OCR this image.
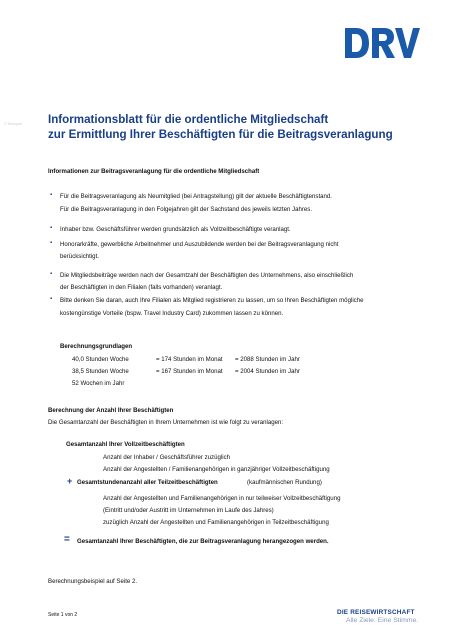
© Beispiel Informationsblatt für die ordentliche Mitgliedschaft
zur Ermittlung Ihrer Beschäftigten für die Beitragsveranlagung
Informationen zur Beitragsveranlagung für die ordentliche Mitgliedschaft
▪ Für die Beitragsveranlagung als Neumitglied (bei Antragstellung) gilt der aktuelle Beschäftigtenstand.
Für die Beitragsveranlagung in den Folgejahren gilt der Sachstand des jeweils letzten Jahres.
▪ Inhaber bzw. Geschäftsführer werden grundsätzlich als Vollzeitbeschäftigte veranlagt.
▪ Honorarkräfte, gewerbliche Arbeitnehmer und Auszubildende werden bei der Beitragsveranlagung nicht
berücksichtigt.
▪ Die Mitgliedsbeiträge werden nach der Gesamtzahl der Beschäftigten des Unternehmens, also einschließlich
der Beschäftigten in den Filialen (falls vorhanden) veranlagt.
▪ Bitte denken Sie daran, auch Ihre Filialen als Mitglied registrieren zu lassen, um so Ihren Beschäftigten mögliche
kostengünstige Vorteile (bspw. Travel Industry Card) zukommen lassen zu können.
Berechnungsgrundlagen
40,0 Stunden Woche	= 174 Stunden im Monat = 2088 Stunden im Jahr
38,5 Stunden Woche	= 167 Stunden im Monat = 2004 Stunden im Jahr
52 Wochen im Jahr
Berechnung der Anzahl Ihrer Beschäftigten
Die Gesamtanzahl der Beschäftigten in Ihrem Unternehmen ist wie folgt zu veranlagen:
Gesamtanzahl Ihrer Vollzeitbeschäftigten
Anzahl der Inhaber / Geschäftsführer zuzüglich
Anzahl der Angestellten / Familienangehörigen in ganzjähriger Vollzeitbeschäftigung
+ Gesamtstundenanzahl aller Teilzeitbeschäftigten	(kaufmännischen Rundung)
Anzahl der Angestellten und Familienangehörigen in nur teilweiser Vollzeitbeschäftigung
(Eintritt und/oder Austritt im Unternehmen im Laufe des Jahres)
zuzüglich Anzahl der Angestellten und Familienangehörigen in Teilzeitbeschäftigung
= Gesamtanzahl Ihrer Beschäftigten, die zur Beitragsveranlagung herangezogen werden.
Berechnungsbeispiel auf Seite 2.
Seite 1 von 2	DIE REISEWIRTSCHAFT
Alle Ziele. Eine Stimme.
